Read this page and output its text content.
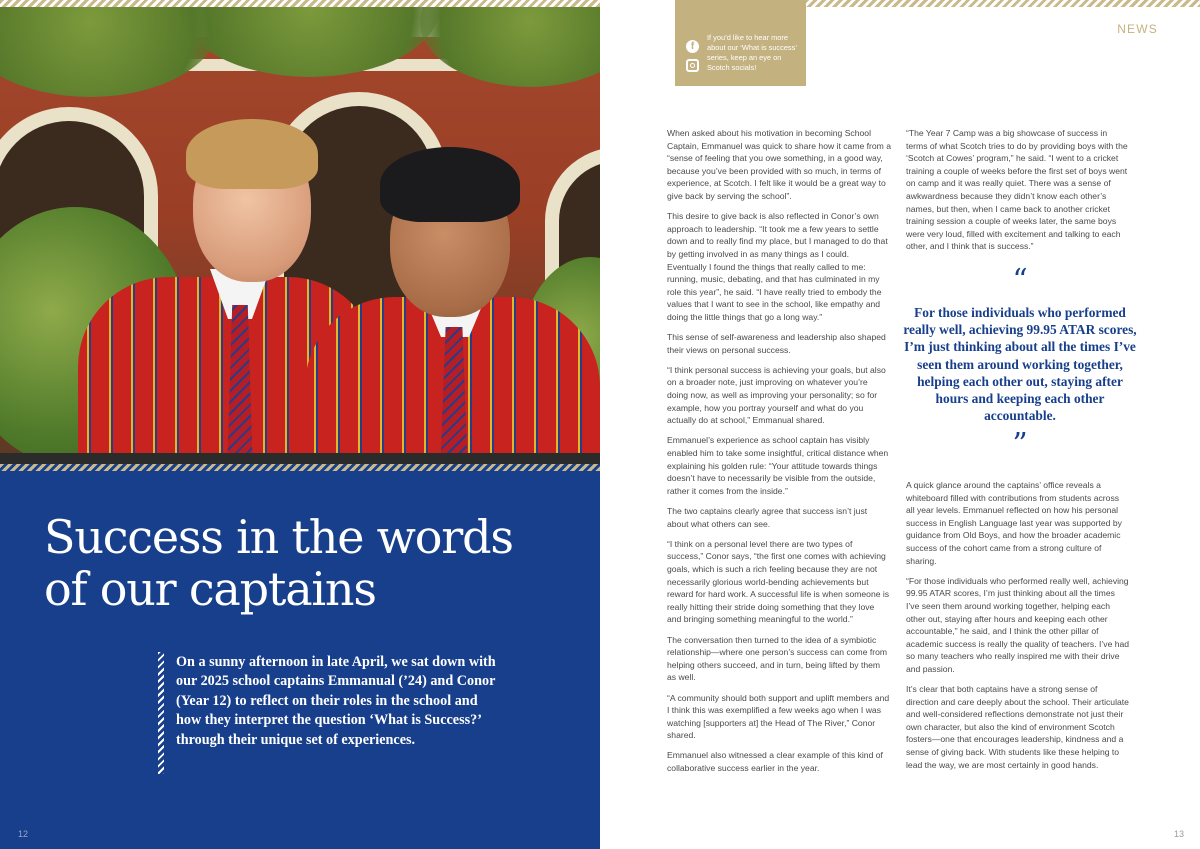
Success in the words
of our captains

On a sunny afternoon in late April, we sat down with our 2025 school captains Emmanual (’24) and Conor (Year 12) to reflect on their roles in the school and how they interpret the question ‘What is Success?’ through their unique set of experiences.

12
NEWS
f

If you’d like to hear more about our ‘What is success’ series, keep an eye on Scotch socials!

When asked about his motivation in becoming School Captain, Emmanuel was quick to share how it came from a “sense of feeling that you owe something, in a good way, because you’ve been provided with so much, in terms of experience, at Scotch. I felt like it would be a great way to give back by serving the school”.

This desire to give back is also reflected in Conor’s own approach to leadership. “It took me a few years to settle down and to really find my place, but I managed to do that by getting involved in as many things as I could. Eventually I found the things that really called to me: running, music, debating, and that has culminated in my role this year”, he said. “I have really tried to embody the values that I want to see in the school, like empathy and doing the little things that go a long way.”

This sense of self-awareness and leadership also shaped their views on personal success.

“I think personal success is achieving your goals, but also on a broader note, just improving on whatever you’re doing now, as well as improving your personality; so for example, how you portray yourself and what do you actually do at school,” Emmanual shared.

Emmanuel’s experience as school captain has visibly enabled him to take some insightful, critical distance when explaining his golden rule: “Your attitude towards things doesn’t have to necessarily be visible from the outside, rather it comes from the inside.”

The two captains clearly agree that success isn’t just about what others can see.

“I think on a personal level there are two types of success,” Conor says, “the first one comes with achieving goals, which is such a rich feeling because they are not necessarily glorious world-bending achievements but reward for hard work. A successful life is when someone is really hitting their stride doing something that they love and bringing something meaningful to the world.”

The conversation then turned to the idea of a symbiotic relationship—where one person’s success can come from helping others succeed, and in turn, being lifted by them as well.

“A community should both support and uplift members and I think this was exemplified a few weeks ago when I was watching [supporters at] the Head of The River,” Conor shared.

Emmanuel also witnessed a clear example of this kind of collaborative success earlier in the year.

“The Year 7 Camp was a big showcase of success in terms of what Scotch tries to do by providing boys with the ‘Scotch at Cowes’ program,” he said. “I went to a cricket training a couple of weeks before the first set of boys went on camp and it was really quiet. There was a sense of awkwardness because they didn’t know each other’s names, but then, when I came back to another cricket training session a couple of weeks later, the same boys were very loud, filled with excitement and talking to each other, and I think that is success.”

“

For those individuals who performed really well, achieving 99.95 ATAR scores, I’m just thinking about all the times I’ve seen them around working together, helping each other out, staying after hours and keeping each other accountable.

”

A quick glance around the captains’ office reveals a whiteboard filled with contributions from students across all year levels. Emmanuel reflected on how his personal success in English Language last year was supported by guidance from Old Boys, and how the broader academic success of the cohort came from a strong culture of sharing.

“For those individuals who performed really well, achieving 99.95 ATAR scores, I’m just thinking about all the times I’ve seen them around working together, helping each other out, staying after hours and keeping each other accountable,” he said, and I think the other pillar of academic success is really the quality of teachers. I’ve had so many teachers who really inspired me with their drive and passion.

It’s clear that both captains have a strong sense of direction and care deeply about the school. Their articulate and well-considered reflections demonstrate not just their own character, but also the kind of environment Scotch fosters—one that encourages leadership, kindness and a sense of giving back. With students like these helping to lead the way, we are most certainly in good hands.

13
